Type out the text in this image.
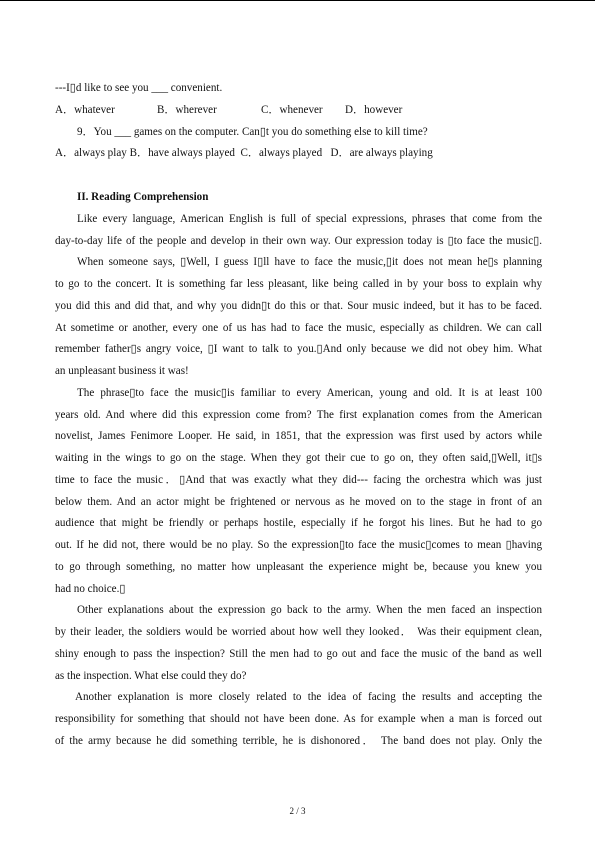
---I▯d like to see you ___ convenient.
A．whatever	B．wherever	C．whenever D．however
9．You ___ games on the computer. Can▯t you do something else to kill time?
A．always play B．have always played C．always played D．are always playing
II. Reading Comprehension
Like every language, American English is full of special expressions, phrases that come from the
day-to-day life of the people and develop in their own way. Our expression today is ▯to face the music▯.
When someone says, ▯Well, I guess I▯ll have to face the music,▯it does not mean he▯s planning
to go to the concert. It is something far less pleasant, like being called in by your boss to explain why
you did this and did that, and why you didn▯t do this or that. Sour music indeed, but it has to be faced.
At sometime or another, every one of us has had to face the music, especially as children. We can call
remember father▯s angry voice, ▯I want to talk to you.▯And only because we did not obey him. What
an unpleasant business it was!
The phrase▯to face the music▯is familiar to every American, young and old. It is at least 100
years old. And where did this expression come from? The first explanation comes from the American
novelist, James Fenimore Looper. He said, in 1851, that the expression was first used by actors while
waiting in the wings to go on the stage. When they got their cue to go on, they often said,▯Well, it▯s
time to face the music．▯And that was exactly what they did--- facing the orchestra which was just
below them. And an actor might be frightened or nervous as he moved on to the stage in front of an
audience that might be friendly or perhaps hostile, especially if he forgot his lines. But he had to go
out. If he did not, there would be no play. So the expression▯to face the music▯comes to mean ▯having
to go through something, no matter how unpleasant the experience might be, because you knew you
had no choice.▯
Other explanations about the expression go back to the army. When the men faced an inspection
by their leader, the soldiers would be worried about how well they looked． Was their equipment clean,
shiny enough to pass the inspection? Still the men had to go out and face the music of the band as well
as the inspection. What else could they do?
Another explanation is more closely related to the idea of facing the results and accepting the
responsibility for something that should not have been done. As for example when a man is forced out
of the army because he did something terrible, he is dishonored． The band does not play. Only the
2 / 3
